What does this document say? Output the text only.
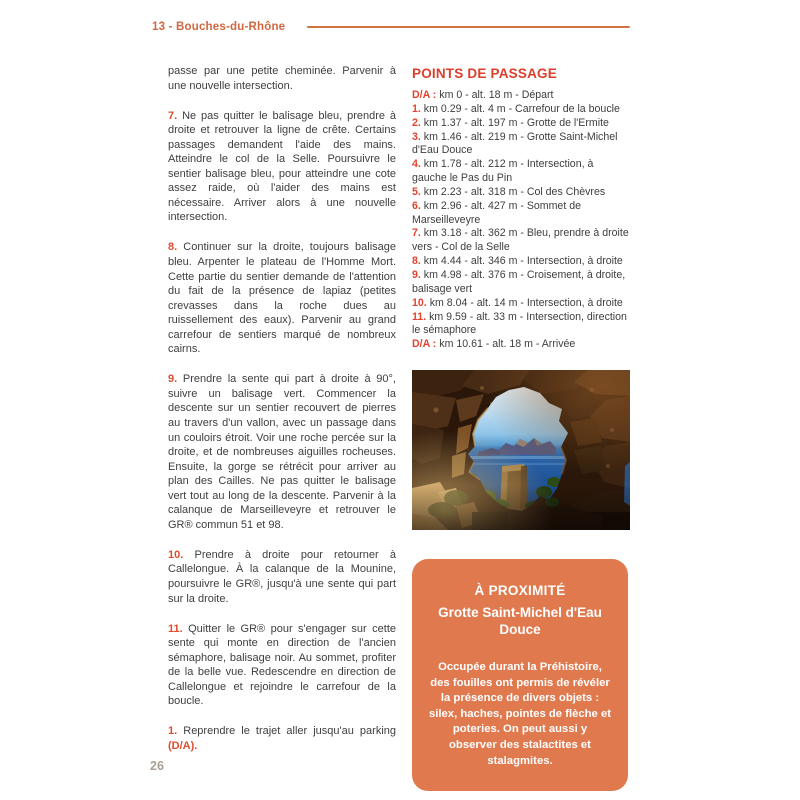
13 - Bouches-du-Rhône

passe par une petite cheminée. Parvenir à une nouvelle intersection.

7. Ne pas quitter le balisage bleu, prendre à droite et retrouver la ligne de crête. Certains passages demandent l'aide des mains. Atteindre le col de la Selle. Poursuivre le sentier balisage bleu, pour atteindre une cote assez raide, où l'aider des mains est nécessaire. Arriver alors à une nouvelle intersection.

8. Continuer sur la droite, toujours balisage bleu. Arpenter le plateau de l'Homme Mort. Cette partie du sentier demande de l'attention du fait de la présence de lapiaz (petites crevasses dans la roche dues au ruissellement des eaux). Parvenir au grand carrefour de sentiers marqué de nombreux cairns.

9. Prendre la sente qui part à droite à 90°, suivre un balisage vert. Commencer la descente sur un sentier recouvert de pierres au travers d'un vallon, avec un passage dans un couloirs étroit. Voir une roche percée sur la droite, et de nombreuses aiguilles rocheuses. Ensuite, la gorge se rétrécit pour arriver au plan des Cailles. Ne pas quitter le balisage vert tout au long de la descente. Parvenir à la calanque de Marseilleveyre et retrouver le GR® commun 51 et 98.

10. Prendre à droite pour retourner à Callelongue. À la calanque de la Mounine, poursuivre le GR®, jusqu'à une sente qui part sur la droite.

11. Quitter le GR® pour s'engager sur cette sente qui monte en direction de l'ancien sémaphore, balisage noir. Au sommet, profiter de la belle vue. Redescendre en direction de Callelongue et rejoindre le carrefour de la boucle.

1. Reprendre le trajet aller jusqu'au parking (D/A).

POINTS DE PASSAGE
D/A : km 0 - alt. 18 m - Départ
1. km 0.29 - alt. 4 m - Carrefour de la boucle
2. km 1.37 - alt. 197 m - Grotte de l'Ermite
3. km 1.46 - alt. 219 m - Grotte Saint-Michel d'Eau Douce
4. km 1.78 - alt. 212 m - Intersection, à gauche le Pas du Pin
5. km 2.23 - alt. 318 m - Col des Chèvres
6. km 2.96 - alt. 427 m - Sommet de Marseilleveyre
7. km 3.18 - alt. 362 m - Bleu, prendre à droite vers - Col de la Selle
8. km 4.44 - alt. 346 m - Intersection, à droite
9. km 4.98 - alt. 376 m - Croisement, à droite, balisage vert
10. km 8.04 - alt. 14 m - Intersection, à droite
11. km 9.59 - alt. 33 m - Intersection, direction le sémaphore
D/A : km 10.61 - alt. 18 m - Arrivée
À PROXIMITÉ
Grotte Saint-Michel d'Eau Douce

Occupée durant la Préhistoire, des fouilles ont permis de révéler la présence de divers objets : silex, haches, pointes de flèche et poteries. On peut aussi y observer des stalactites et stalagmites.

26
